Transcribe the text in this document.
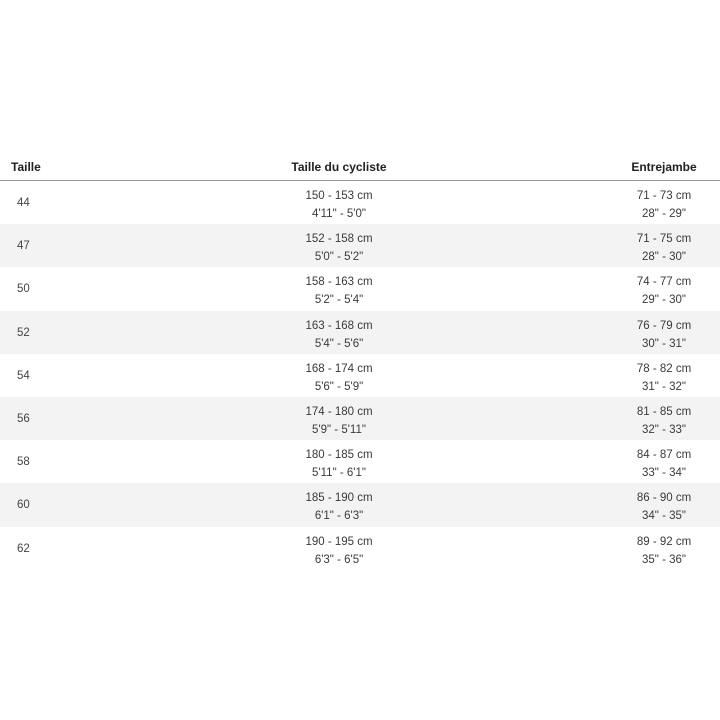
Taille	Taille du cycliste	Entrejambe
44
150 - 153 cm
4'11" - 5'0"
71 - 73 cm
28" - 29"
47
152 - 158 cm
5'0" - 5'2"
71 - 75 cm
28" - 30"
50
158 - 163 cm
5'2" - 5'4"
74 - 77 cm
29" - 30"
52
163 - 168 cm
5'4" - 5'6"
76 - 79 cm
30" - 31"
54
168 - 174 cm
5'6" - 5'9"
78 - 82 cm
31" - 32"
56
174 - 180 cm
5'9" - 5'11"
81 - 85 cm
32" - 33"
58
180 - 185 cm
5'11" - 6'1"
84 - 87 cm
33" - 34"
60
185 - 190 cm
6'1" - 6'3"
86 - 90 cm
34" - 35"
62
190 - 195 cm
6'3" - 6'5"
89 - 92 cm
35" - 36"
